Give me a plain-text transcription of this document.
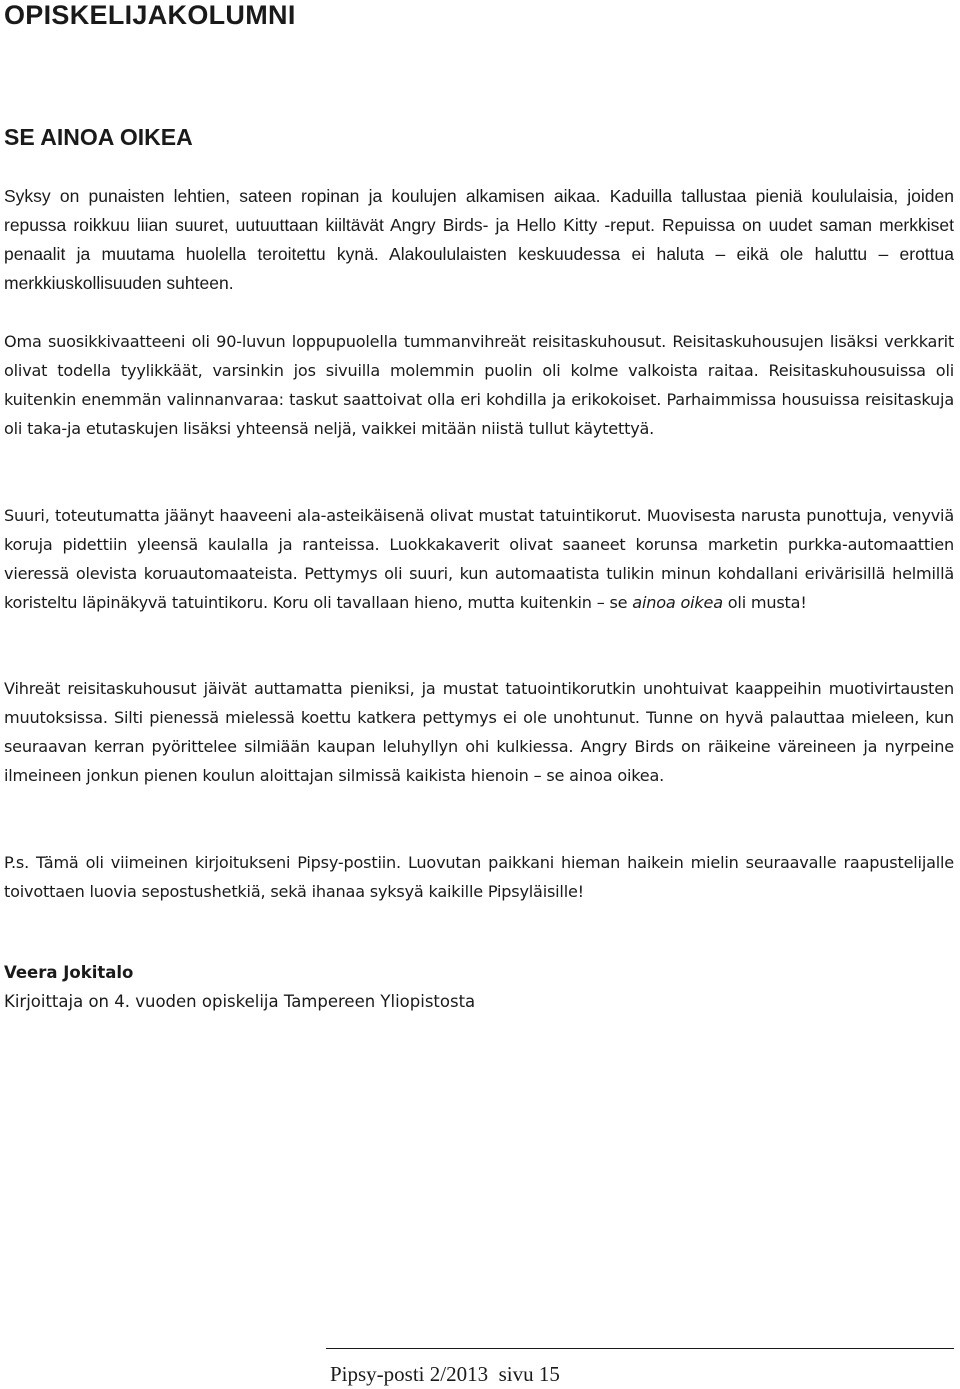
OPISKELIJAKOLUMNI
SE AINOA OIKEA

Syksy on punaisten lehtien, sateen ropinan ja koulujen alkamisen aikaa. Kaduilla tallustaa pieniä koululaisia, joiden repussa roikkuu liian suuret, uutuuttaan kiiltävät Angry Birds- ja Hello Kitty -reput. Repuissa on uudet saman merkkiset penaalit ja muutama huolella teroitettu kynä. Alakoululaisten keskuudessa ei haluta – eikä ole haluttu – erottua merkkiuskollisuuden suhteen.

Oma suosikkivaatteeni oli 90-luvun loppupuolella tummanvihreät reisitaskuhousut. Reisitaskuhousujen lisäksi verkkarit olivat todella tyylikkäät, varsinkin jos sivuilla molemmin puolin oli kolme valkoista raitaa. Reisitaskuhousuissa oli kuitenkin enemmän valinnanvaraa: taskut saattoivat olla eri kohdilla ja erikokoiset. Parhaimmissa housuissa reisitaskuja oli taka-ja etutaskujen lisäksi yhteensä neljä, vaikkei mitään niistä tullut käytettyä.

Suuri, toteutumatta jäänyt haaveeni ala-asteikäisenä olivat mustat tatuintikorut. Muovisesta narusta punottuja, venyviä koruja pidettiin yleensä kaulalla ja ranteissa. Luokkakaverit olivat saaneet korunsa marketin purkka-automaattien vieressä olevista koruautomaateista. Pettymys oli suuri, kun automaatista tulikin minun kohdallani erivärisillä helmillä koristeltu läpinäkyvä tatuintikoru. Koru oli tavallaan hieno, mutta kuitenkin – se ainoa oikea oli musta!

Vihreät reisitaskuhousut jäivät auttamatta pieniksi, ja mustat tatuointikorutkin unohtuivat kaappeihin muotivirtausten muutoksissa. Silti pienessä mielessä koettu katkera pettymys ei ole unohtunut. Tunne on hyvä palauttaa mieleen, kun seuraavan kerran pyörittelee silmiään kaupan leluhyllyn ohi kulkiessa. Angry Birds on räikeine väreineen ja nyrpeine ilmeineen jonkun pienen koulun aloittajan silmissä kaikista hienoin – se ainoa oikea.

P.s. Tämä oli viimeinen kirjoitukseni Pipsy-postiin. Luovutan paikkani hieman haikein mielin seuraavalle raapustelijalle toivottaen luovia sepostushetkiä, sekä ihanaa syksyä kaikille Pipsyläisille!

Veera Jokitalo
Kirjoittaja on 4. vuoden opiskelija Tampereen Yliopistosta
Pipsy-posti 2/2013  sivu 15
